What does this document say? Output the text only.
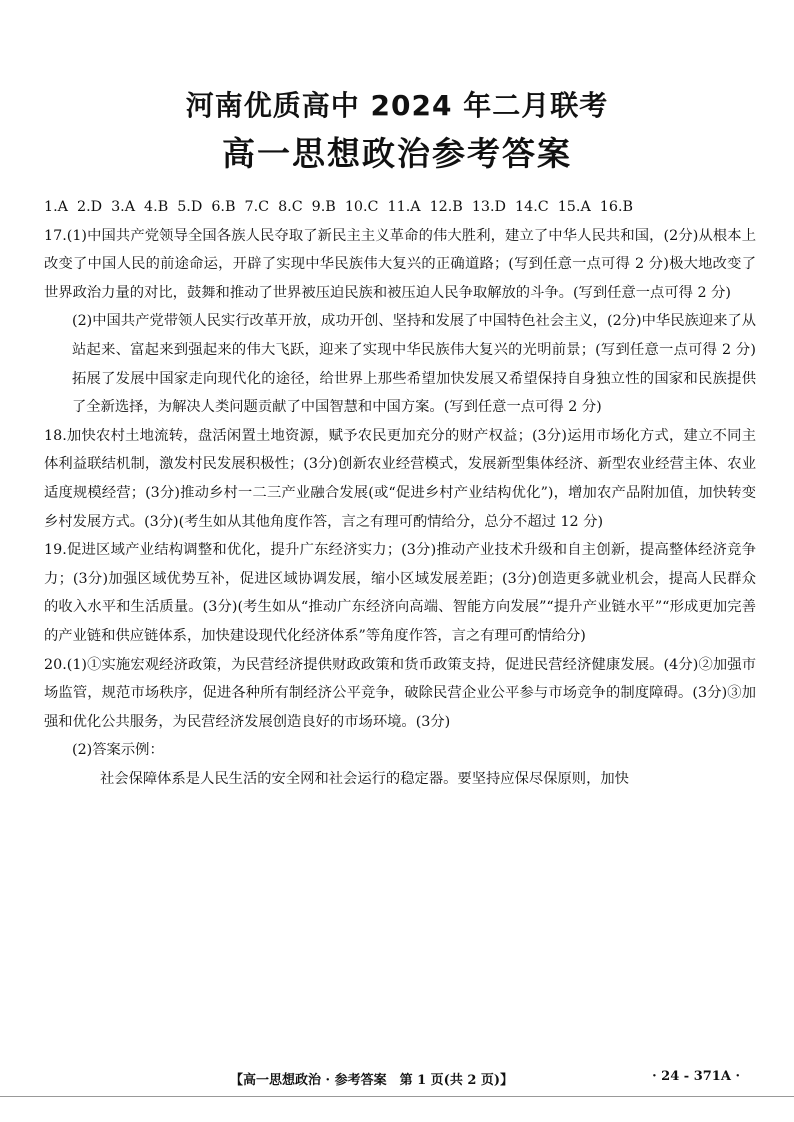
河南优质高中 2024 年二月联考
高一思想政治参考答案
1.A 2.D 3.A 4.B 5.D 6.B 7.C 8.C 9.B 10.C 11.A 12.B 13.D 14.C 15.A 16.B

17.(1)中国共产党领导全国各族人民夺取了新民主主义革命的伟大胜利，建立了中华人民共和国，(2分)从根本上改变了中国人民的前途命运，开辟了实现中华民族伟大复兴的正确道路；(写到任意一点可得 2 分)极大地改变了世界政治力量的对比，鼓舞和推动了世界被压迫民族和被压迫人民争取解放的斗争。(写到任意一点可得 2 分)

(2)中国共产党带领人民实行改革开放，成功开创、坚持和发展了中国特色社会主义，(2分)中华民族迎来了从站起来、富起来到强起来的伟大飞跃，迎来了实现中华民族伟大复兴的光明前景；(写到任意一点可得 2 分)拓展了发展中国家走向现代化的途径，给世界上那些希望加快发展又希望保持自身独立性的国家和民族提供了全新选择，为解决人类问题贡献了中国智慧和中国方案。(写到任意一点可得 2 分)

18.加快农村土地流转，盘活闲置土地资源，赋予农民更加充分的财产权益；(3分)运用市场化方式，建立不同主体利益联结机制，激发村民发展积极性；(3分)创新农业经营模式，发展新型集体经济、新型农业经营主体、农业适度规模经营；(3分)推动乡村一二三产业融合发展(或“促进乡村产业结构优化”)，增加农产品附加值，加快转变乡村发展方式。(3分)(考生如从其他角度作答，言之有理可酌情给分，总分不超过 12 分)

19.促进区域产业结构调整和优化，提升广东经济实力；(3分)推动产业技术升级和自主创新，提高整体经济竞争力；(3分)加强区域优势互补，促进区域协调发展，缩小区域发展差距；(3分)创造更多就业机会，提高人民群众的收入水平和生活质量。(3分)(考生如从“推动广东经济向高端、智能方向发展”“提升产业链水平”“形成更加完善的产业链和供应链体系，加快建设现代化经济体系”等角度作答，言之有理可酌情给分)

20.(1)①实施宏观经济政策，为民营经济提供财政政策和货币政策支持，促进民营经济健康发展。(4分)②加强市场监管，规范市场秩序，促进各种所有制经济公平竞争，破除民营企业公平参与市场竞争的制度障碍。(3分)③加强和优化公共服务，为民营经济发展创造良好的市场环境。(3分)

(2)答案示例：

社会保障体系是人民生活的安全网和社会运行的稳定器。要坚持应保尽保原则，加快

【高一思想政治 · 参考答案　第 1 页(共 2 页)】	· 24 - 371A ·
